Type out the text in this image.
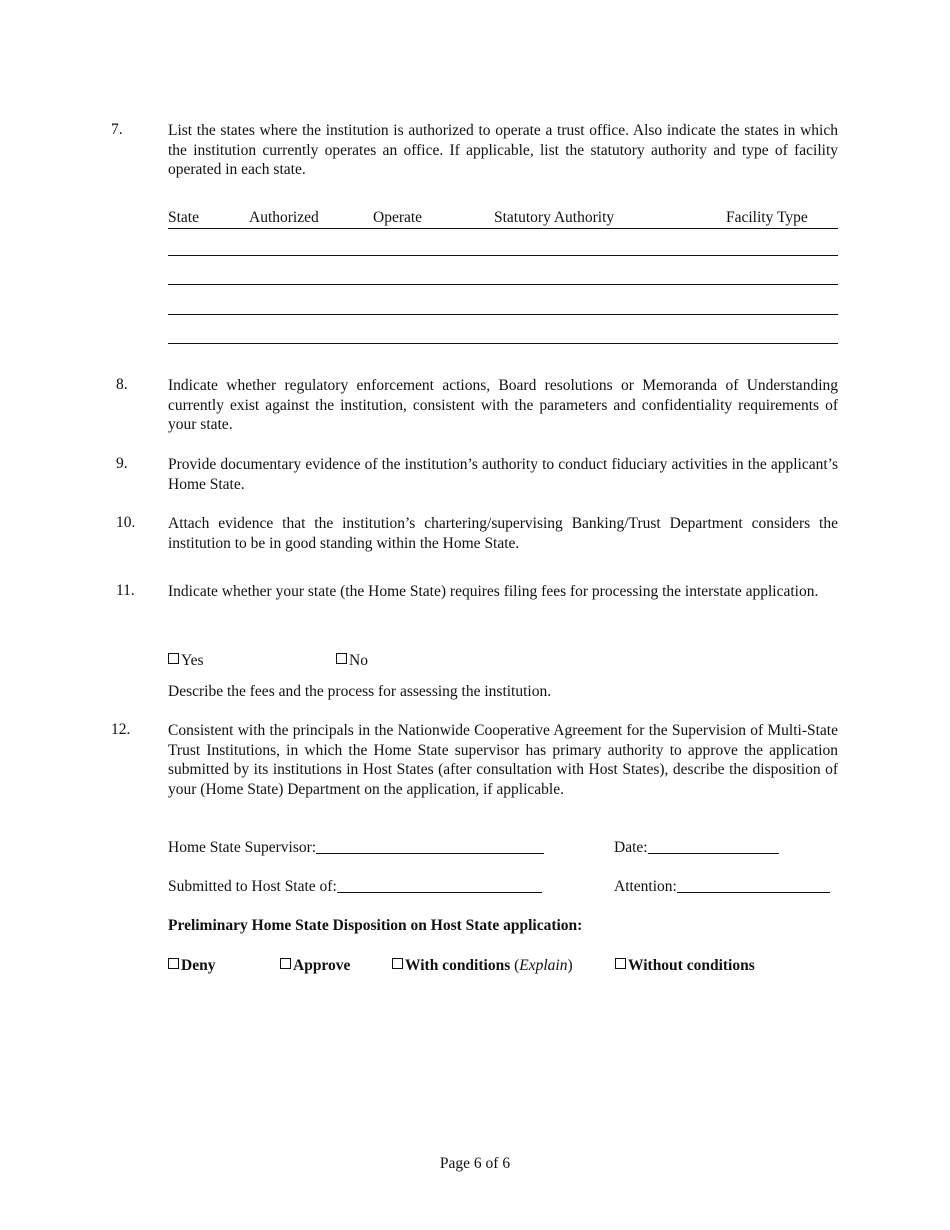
7.	List the states where the institution is authorized to operate a trust office. Also indicate the states in which the institution currently operates an office. If applicable, list the statutory authority and type of facility operated in each state.
State	Authorized	Operate	Statutory Authority	Facility Type
8.	Indicate whether regulatory enforcement actions, Board resolutions or Memoranda of Understanding currently exist against the institution, consistent with the parameters and confidentiality requirements of your state.
9.	Provide documentary evidence of the institution’s authority to conduct fiduciary activities in the applicant’s Home State.
10. Attach evidence that the institution’s chartering/supervising Banking/Trust Department considers the institution to be in good standing within the Home State.
11. Indicate whether your state (the Home State) requires filing fees for processing the interstate application.
Yes	No
Describe the fees and the process for assessing the institution.
12. Consistent with the principals in the Nationwide Cooperative Agreement for the Supervision of Multi-State Trust Institutions, in which the Home State supervisor has primary authority to approve the application submitted by its institutions in Host States (after consultation with Host States), describe the disposition of your (Home State) Department on the application, if applicable.
Home State Supervisor:	Date:
Submitted to Host State of:	Attention:
Preliminary Home State Disposition on Host State application:
Deny	Approve	With conditions (Explain)	Without conditions
Page 6 of 6
